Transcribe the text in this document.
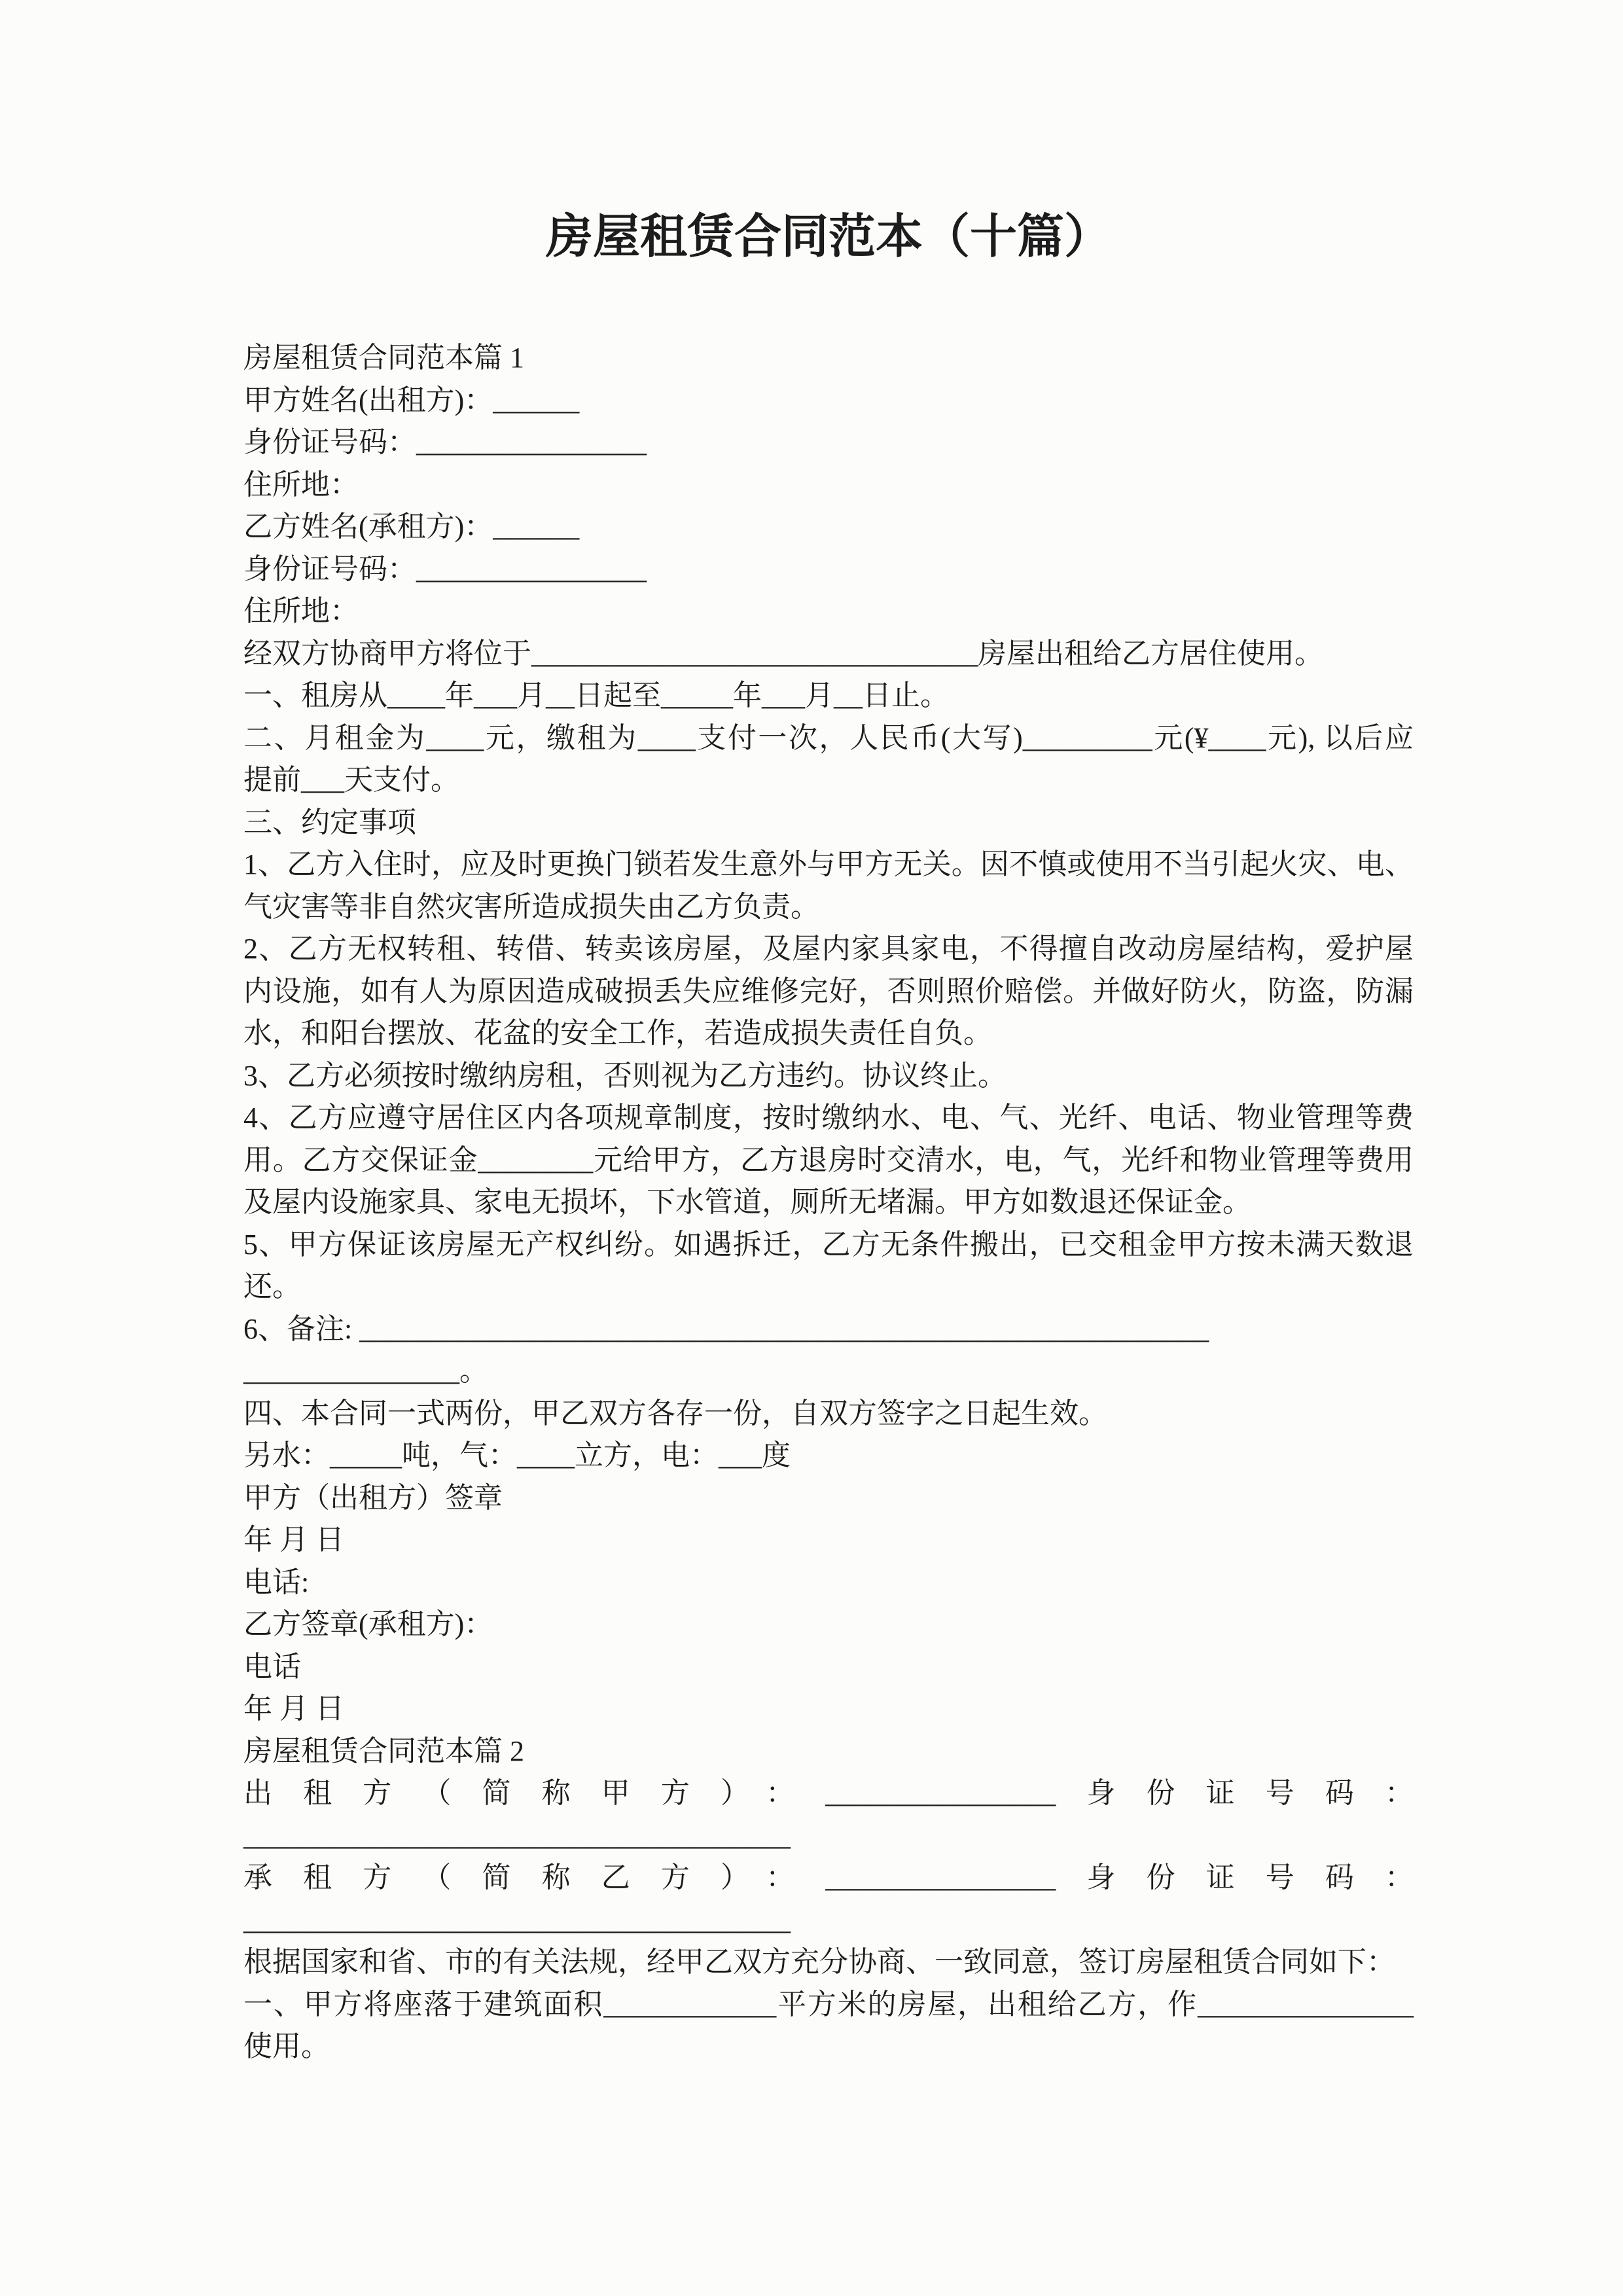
房屋租赁合同范本（十篇）
房屋租赁合同范本篇 1
甲方姓名(出租方)：______
身份证号码：________________
住所地：
乙方姓名(承租方)：______
身份证号码：________________
住所地：
经双方协商甲方将位于_______________________________房屋出租给乙方居住使用。
一、租房从____年___月__日起至_____年___月__日止。
二、月租金为____元，缴租为____支付一次，人民币(大写)_________元(¥____元), 以后应
提前___天支付。
三、约定事项
1、乙方入住时，应及时更换门锁若发生意外与甲方无关。因不慎或使用不当引起火灾、电、
气灾害等非自然灾害所造成损失由乙方负责。
2、乙方无权转租、转借、转卖该房屋，及屋内家具家电，不得擅自改动房屋结构，爱护屋
内设施，如有人为原因造成破损丢失应维修完好，否则照价赔偿。并做好防火，防盗，防漏
水，和阳台摆放、花盆的安全工作，若造成损失责任自负。
3、乙方必须按时缴纳房租，否则视为乙方违约。协议终止。
4、乙方应遵守居住区内各项规章制度，按时缴纳水、电、气、光纤、电话、物业管理等费
用。乙方交保证金________元给甲方，乙方退房时交清水，电，气，光纤和物业管理等费用
及屋内设施家具、家电无损坏，下水管道，厕所无堵漏。甲方如数退还保证金。
5、甲方保证该房屋无产权纠纷。如遇拆迁，乙方无条件搬出，已交租金甲方按未满天数退
还。
6、备注: ___________________________________________________________
_______________。
四、本合同一式两份，甲乙双方各存一份，自双方签字之日起生效。
另水：_____吨，气：____立方，电：___度
甲方（出租方）签章
年 月 日
电话:
乙方签章(承租方)：
电话
年 月 日
房屋租赁合同范本篇 2
出租方（简称甲方）：________________身份证号码：
______________________________________
承租方（简称乙方）：________________身份证号码：
______________________________________
根据国家和省、市的有关法规，经甲乙双方充分协商、一致同意，签订房屋租赁合同如下：
一、甲方将座落于建筑面积____________平方米的房屋，出租给乙方，作_______________
使用。
